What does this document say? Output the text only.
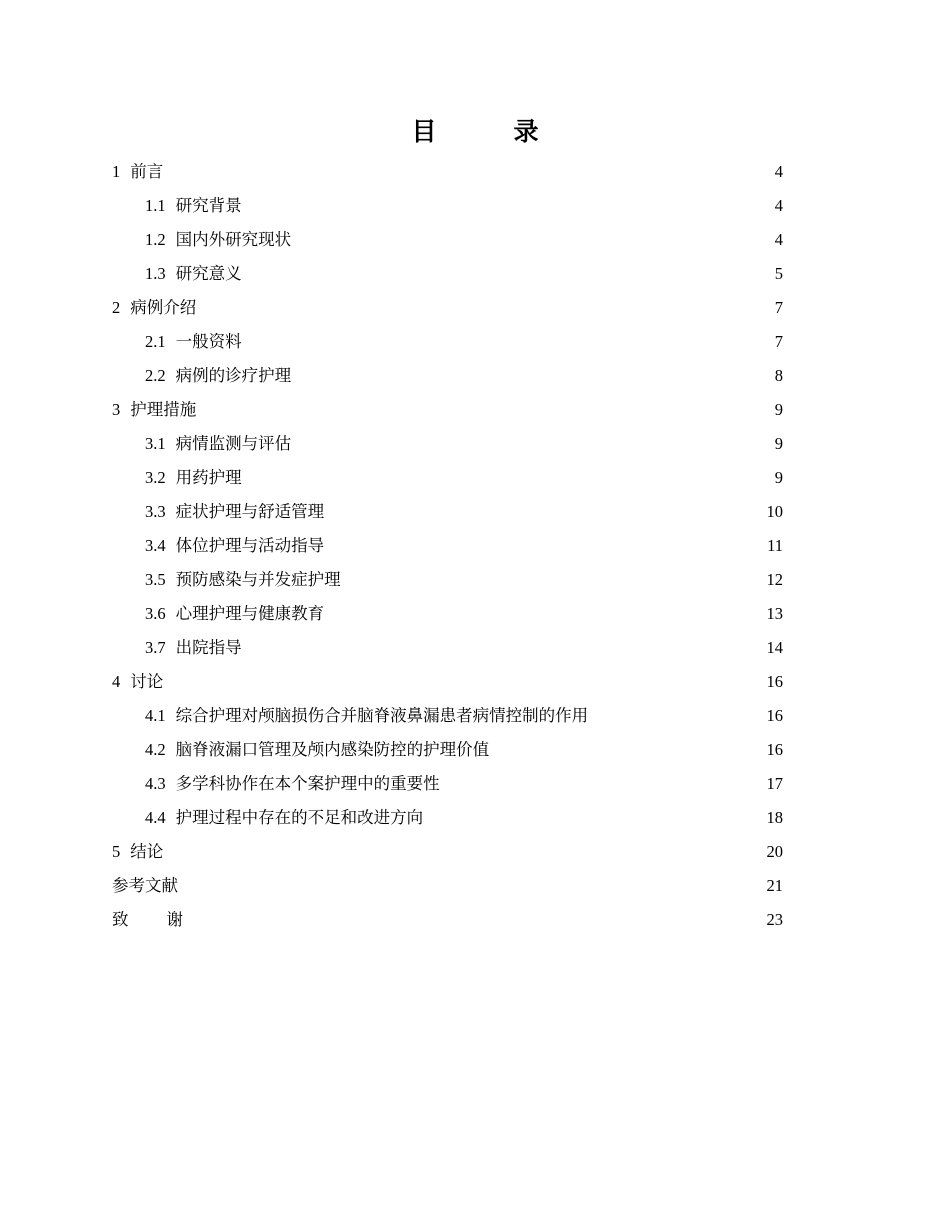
目　录
1 前言	4
1.1 研究背景	4
1.2 国内外研究现状	4
1.3 研究意义	5
2 病例介绍	7
2.1 一般资料	7
2.2 病例的诊疗护理	8
3 护理措施	9
3.1 病情监测与评估	9
3.2 用药护理	9
3.3 症状护理与舒适管理	10
3.4 体位护理与活动指导	11
3.5 预防感染与并发症护理	12
3.6 心理护理与健康教育	13
3.7 出院指导	14
4 讨论	16
4.1 综合护理对颅脑损伤合并脑脊液鼻漏患者病情控制的作用	16
4.2 脑脊液漏口管理及颅内感染防控的护理价值	16
4.3 多学科协作在本个案护理中的重要性	17
4.4 护理过程中存在的不足和改进方向	18
5 结论	20
参考文献	21
致 谢	23
